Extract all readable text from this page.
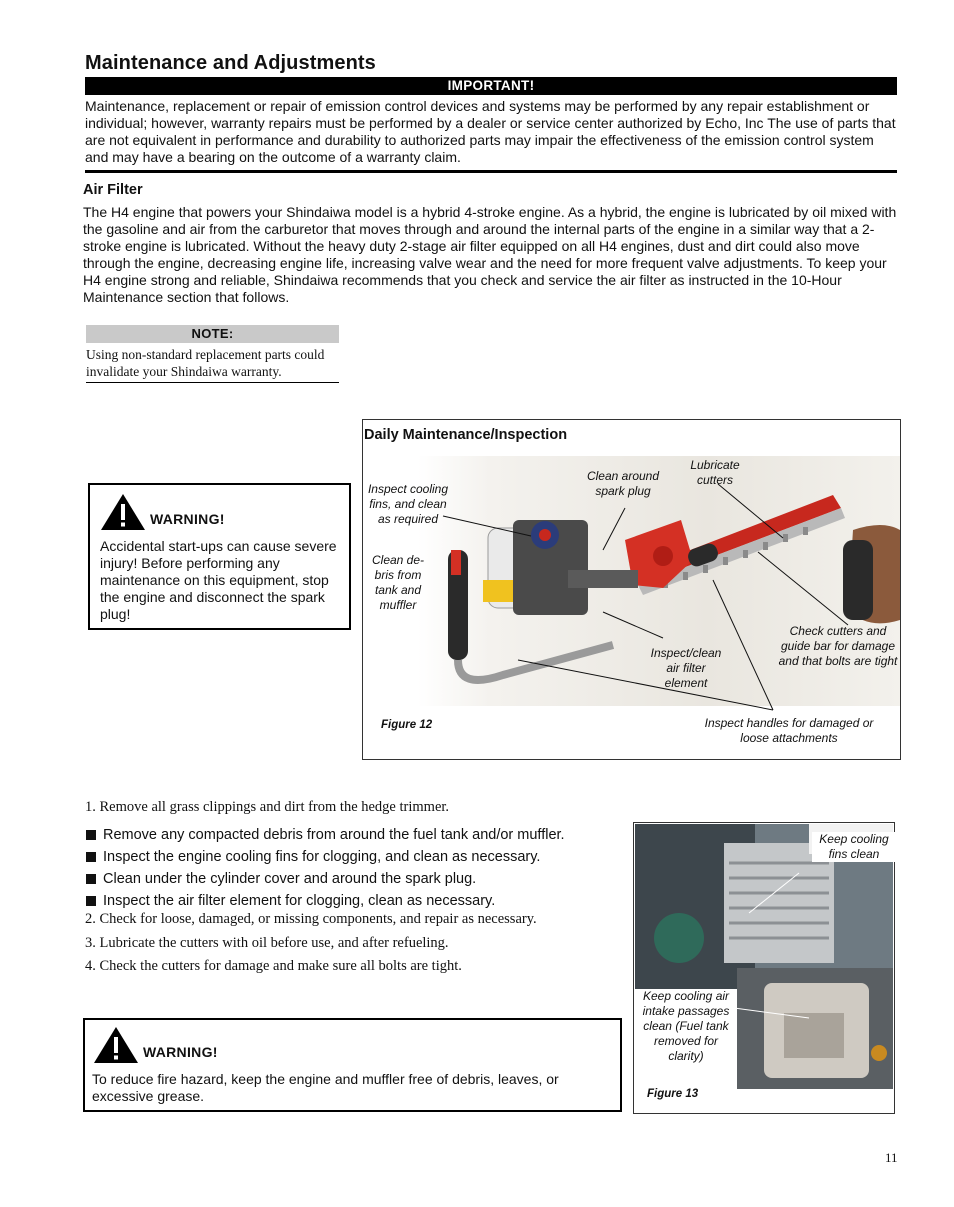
Maintenance and Adjustments
IMPORTANT!
Maintenance, replacement or repair of emission control devices and systems may be performed by any repair establishment or individual; however, warranty repairs must be performed by a dealer or service center authorized by Echo, Inc The use of parts that are not equivalent in performance and durability to authorized parts may impair the effectiveness of the emission control system and may have a bearing on the outcome of a warranty claim.
Air Filter
The H4 engine that powers your Shindaiwa model is a hybrid 4-stroke engine. As a hybrid, the engine is lubricated by oil mixed with the gasoline and air from the carburetor that moves through and around the internal parts of the engine in a similar way that a 2-stroke engine is lubricated. Without the heavy duty 2-stage air filter equipped on all H4 engines, dust and dirt could also move through the engine, decreasing engine life, increasing valve wear and the need for more frequent valve adjustments. To keep your H4 engine strong and reliable, Shindaiwa recommends that you check and service the air filter as instructed in the 10-Hour Maintenance section that follows.
NOTE:
Using non-standard replacement parts could invalidate your Shindaiwa warranty.
WARNING!
Accidental start-ups can cause severe injury! Before performing any maintenance on this equipment, stop the engine and disconnect the spark plug!
Daily Maintenance/Inspection
Inspect cooling fins, and clean as required
Clean around spark plug
Lubricate cutters
Clean de-bris from tank and muffler
Check cutters and guide bar for damage and that bolts are tight
Inspect/clean air filter element
Inspect handles for damaged or loose attachments
Figure 12
1. Remove all grass clippings and dirt from the hedge trimmer.
Remove any compacted debris from around the fuel tank and/or muffler.
Inspect the engine cooling fins for clogging, and clean as necessary.
Clean under the cylinder cover and around the spark plug.
Inspect the air filter element for clogging, clean as necessary.
2. Check for loose, damaged, or missing components, and repair as necessary.
3. Lubricate the cutters with oil before use, and after refueling.
4. Check the cutters for damage and make sure all bolts are tight.
WARNING!
To reduce fire hazard, keep the engine and muffler free of debris, leaves, or excessive grease.
Keep cooling fins clean
Keep cooling air intake passages clean (Fuel tank removed for clarity)
Figure 13
11
